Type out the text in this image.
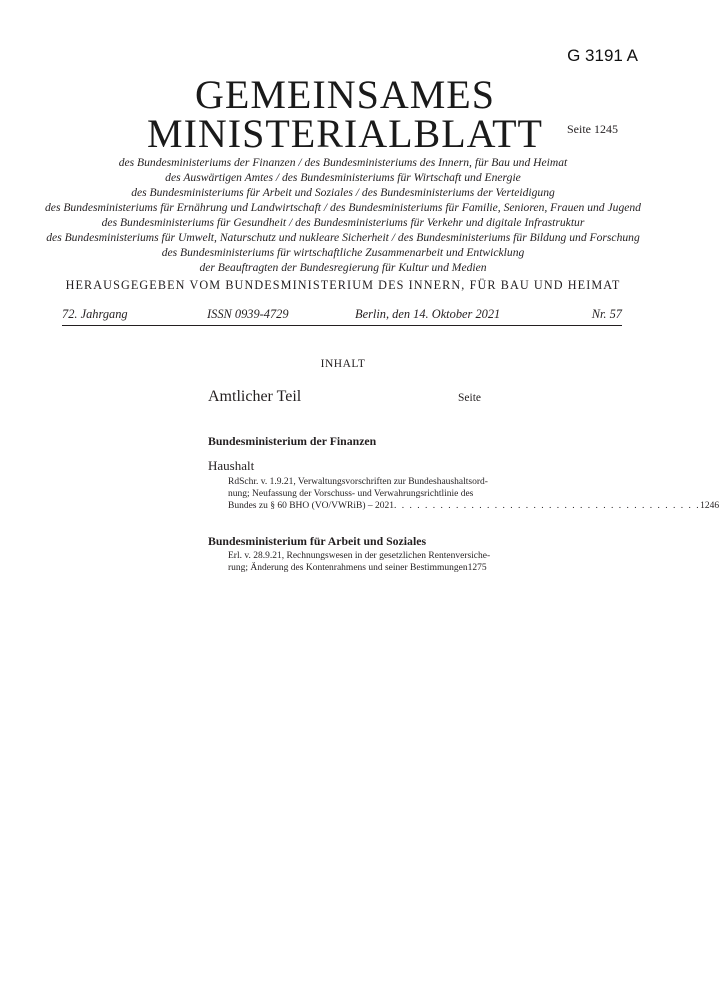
G 3191 A
GEMEINSAMES
MINISTERIALBLATT	Seite 1245
des Bundesministeriums der Finanzen / des Bundesministeriums des Innern, für Bau und Heimat
des Auswärtigen Amtes / des Bundesministeriums für Wirtschaft und Energie
des Bundesministeriums für Arbeit und Soziales / des Bundesministeriums der Verteidigung
des Bundesministeriums für Ernährung und Landwirtschaft / des Bundesministeriums für Familie, Senioren, Frauen und Jugend
des Bundesministeriums für Gesundheit / des Bundesministeriums für Verkehr und digitale Infrastruktur
des Bundesministeriums für Umwelt, Naturschutz und nukleare Sicherheit / des Bundesministeriums für Bildung und Forschung
des Bundesministeriums für wirtschaftliche Zusammenarbeit und Entwicklung
der Beauftragten der Bundesregierung für Kultur und Medien
HERAUSGEGEBEN VOM BUNDESMINISTERIUM DES INNERN, FÜR BAU UND HEIMAT
72. Jahrgang	ISSN 0939-4729	Berlin, den 14. Oktober 2021	Nr. 57
INHALT
Amtlicher Teil	Seite
Bundesministerium der Finanzen
Haushalt
RdSchr. v. 1.9.21, Verwaltungsvorschriften zur Bundeshaushaltsord-
nung; Neufassung der Vorschuss- und Verwahrungsrichtlinie des
Bundes zu § 60 BHO (VO/VWRiB) – 2021 . . . . . . . . . . . . . . . . . . . . . . . . . . . . . . . . . . . . . . . . 1246
Bundesministerium für Arbeit und Soziales
Erl. v. 28.9.21, Rechnungswesen in der gesetzlichen Rentenversiche-
rung; Änderung des Kontenrahmens und seiner Bestimmungen 1275
